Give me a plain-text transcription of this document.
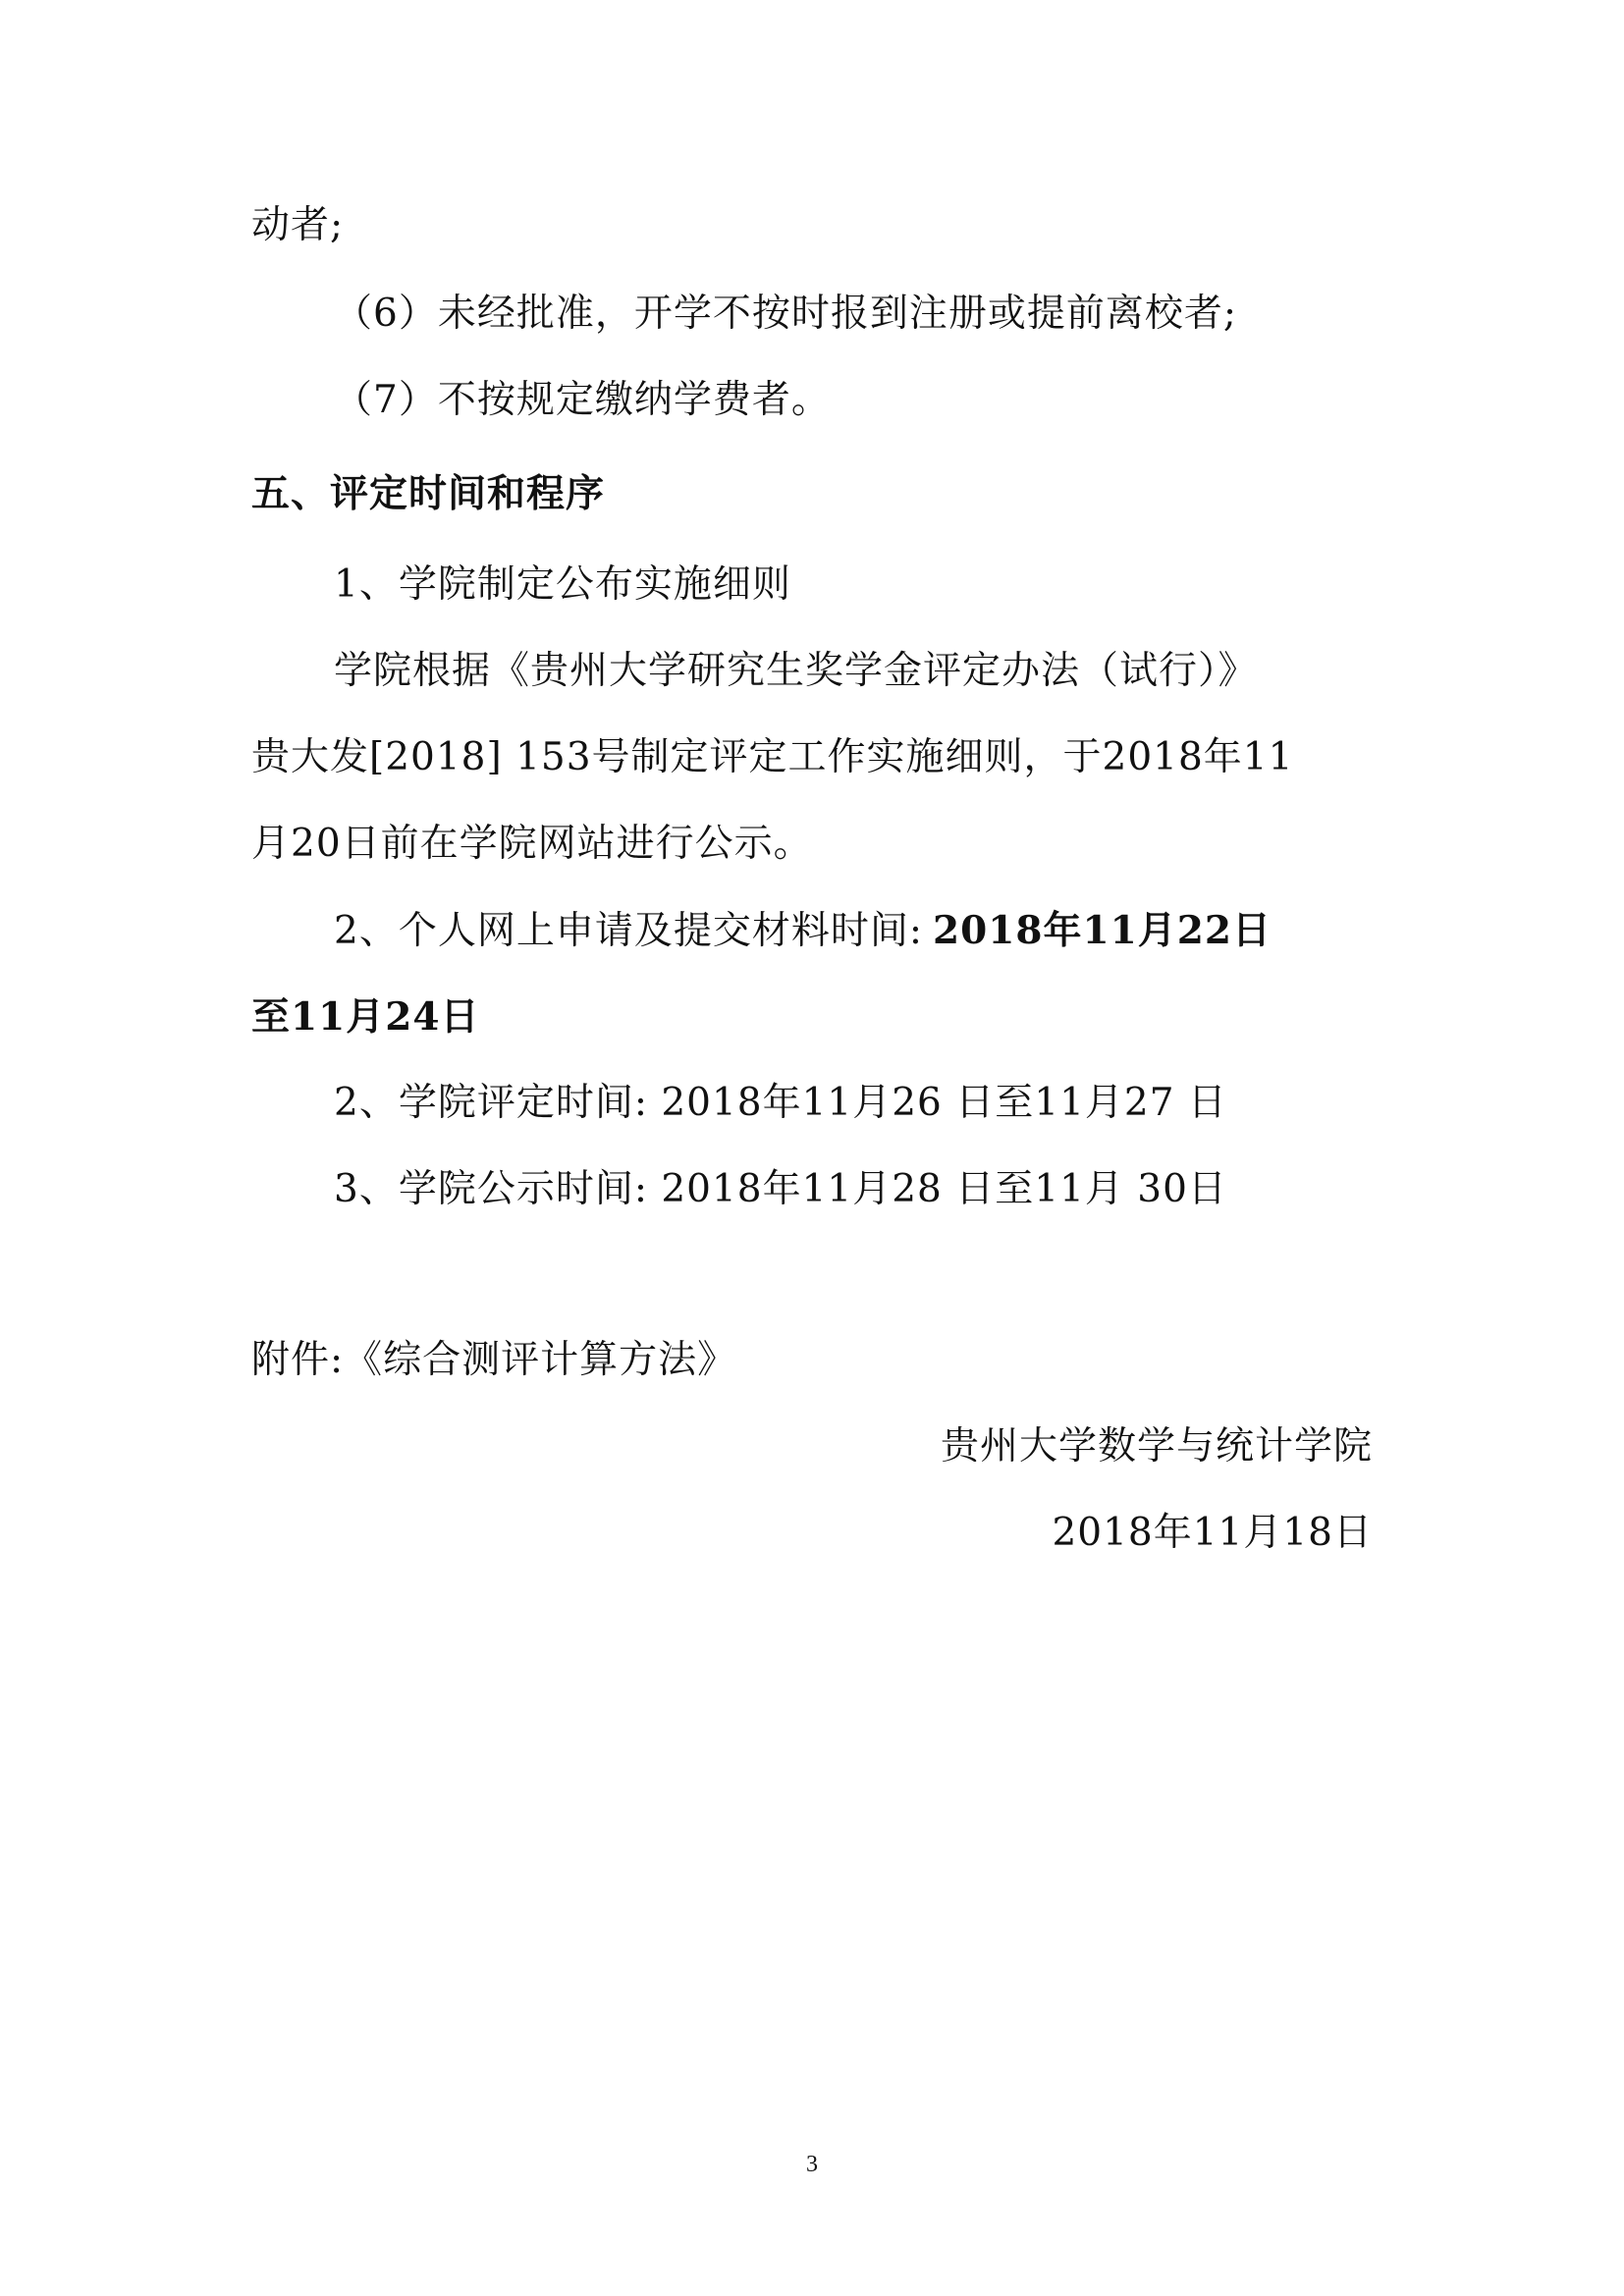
动者;
（6）未经批准，开学不按时报到注册或提前离校者;
（7）不按规定缴纳学费者。
五、评定时间和程序
1、学院制定公布实施细则
学院根据《贵州大学研究生奖学金评定办法（试行）》
贵大发[2018] 153号制定评定工作实施细则，于2018年11
月20日前在学院网站进行公示。
2、个人网上申请及提交材料时间: 2018年11月22日
至11月24日
2、学院评定时间: 2018年11月26 日至11月27 日
3、学院公示时间: 2018年11月28 日至11月 30日
附件:《综合测评计算方法》
贵州大学数学与统计学院
2018年11月18日
3
